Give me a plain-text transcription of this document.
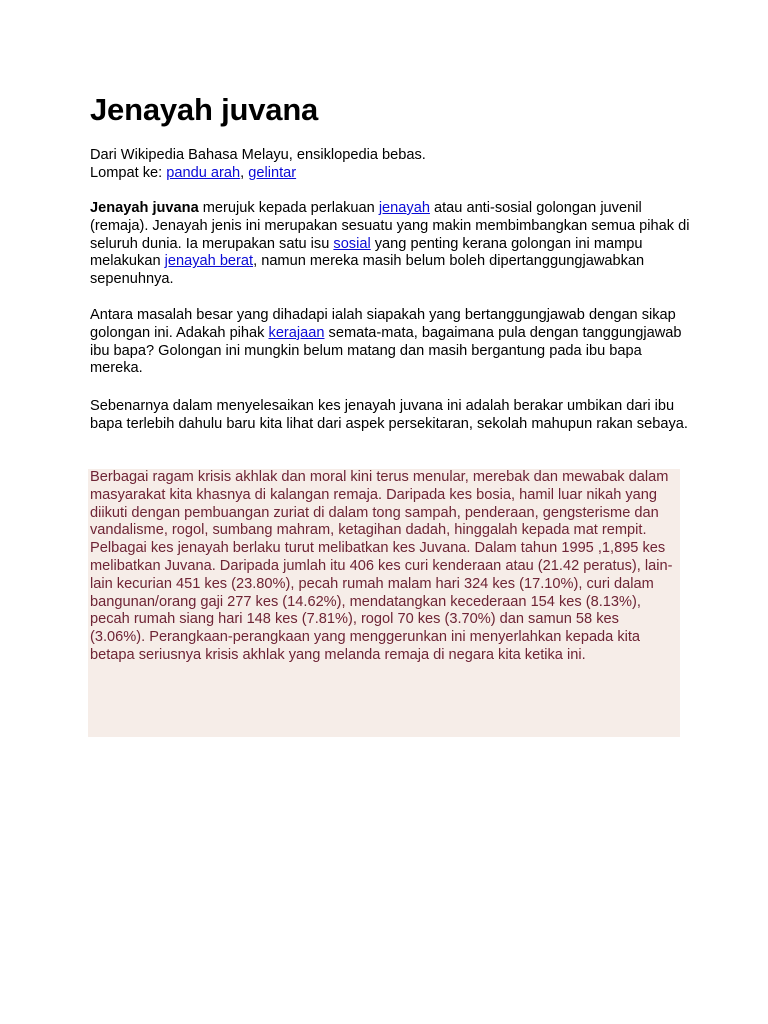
Jenayah juvana

Dari Wikipedia Bahasa Melayu, ensiklopedia bebas.
Lompat ke: pandu arah, gelintar

Jenayah juvana merujuk kepada perlakuan jenayah atau anti-sosial golongan juvenil (remaja). Jenayah jenis ini merupakan sesuatu yang makin membimbangkan semua pihak di seluruh dunia. Ia merupakan satu isu sosial yang penting kerana golongan ini mampu melakukan jenayah berat, namun mereka masih belum boleh dipertanggungjawabkan sepenuhnya.

Antara masalah besar yang dihadapi ialah siapakah yang bertanggungjawab dengan sikap golongan ini. Adakah pihak kerajaan semata-mata, bagaimana pula dengan tanggungjawab ibu bapa? Golongan ini mungkin belum matang dan masih bergantung pada ibu bapa mereka.

Sebenarnya dalam menyelesaikan kes jenayah juvana ini adalah berakar umbikan dari ibu bapa terlebih dahulu baru kita lihat dari aspek persekitaran, sekolah mahupun rakan sebaya.

Berbagai ragam krisis akhlak dan moral kini terus menular, merebak dan mewabak dalam masyarakat kita khasnya di kalangan remaja. Daripada kes bosia, hamil luar nikah yang diikuti dengan pembuangan zuriat di dalam tong sampah, penderaan, gengsterisme dan vandalisme, rogol, sumbang mahram, ketagihan dadah, hinggalah kepada mat rempit.

Pelbagai kes jenayah berlaku turut melibatkan kes Juvana. Dalam tahun 1995 ,1,895 kes melibatkan Juvana. Daripada jumlah itu 406 kes curi kenderaan atau (21.42 peratus), lain-lain kecurian 451 kes (23.80%), pecah rumah malam hari 324 kes (17.10%), curi dalam bangunan/orang gaji 277 kes (14.62%), mendatangkan kecederaan 154 kes (8.13%), pecah rumah siang hari 148 kes (7.81%), rogol 70 kes (3.70%) dan samun 58 kes (3.06%). Perangkaan-perangkaan yang menggerunkan ini menyerlahkan kepada kita betapa seriusnya krisis akhlak yang melanda remaja di negara kita ketika ini.
